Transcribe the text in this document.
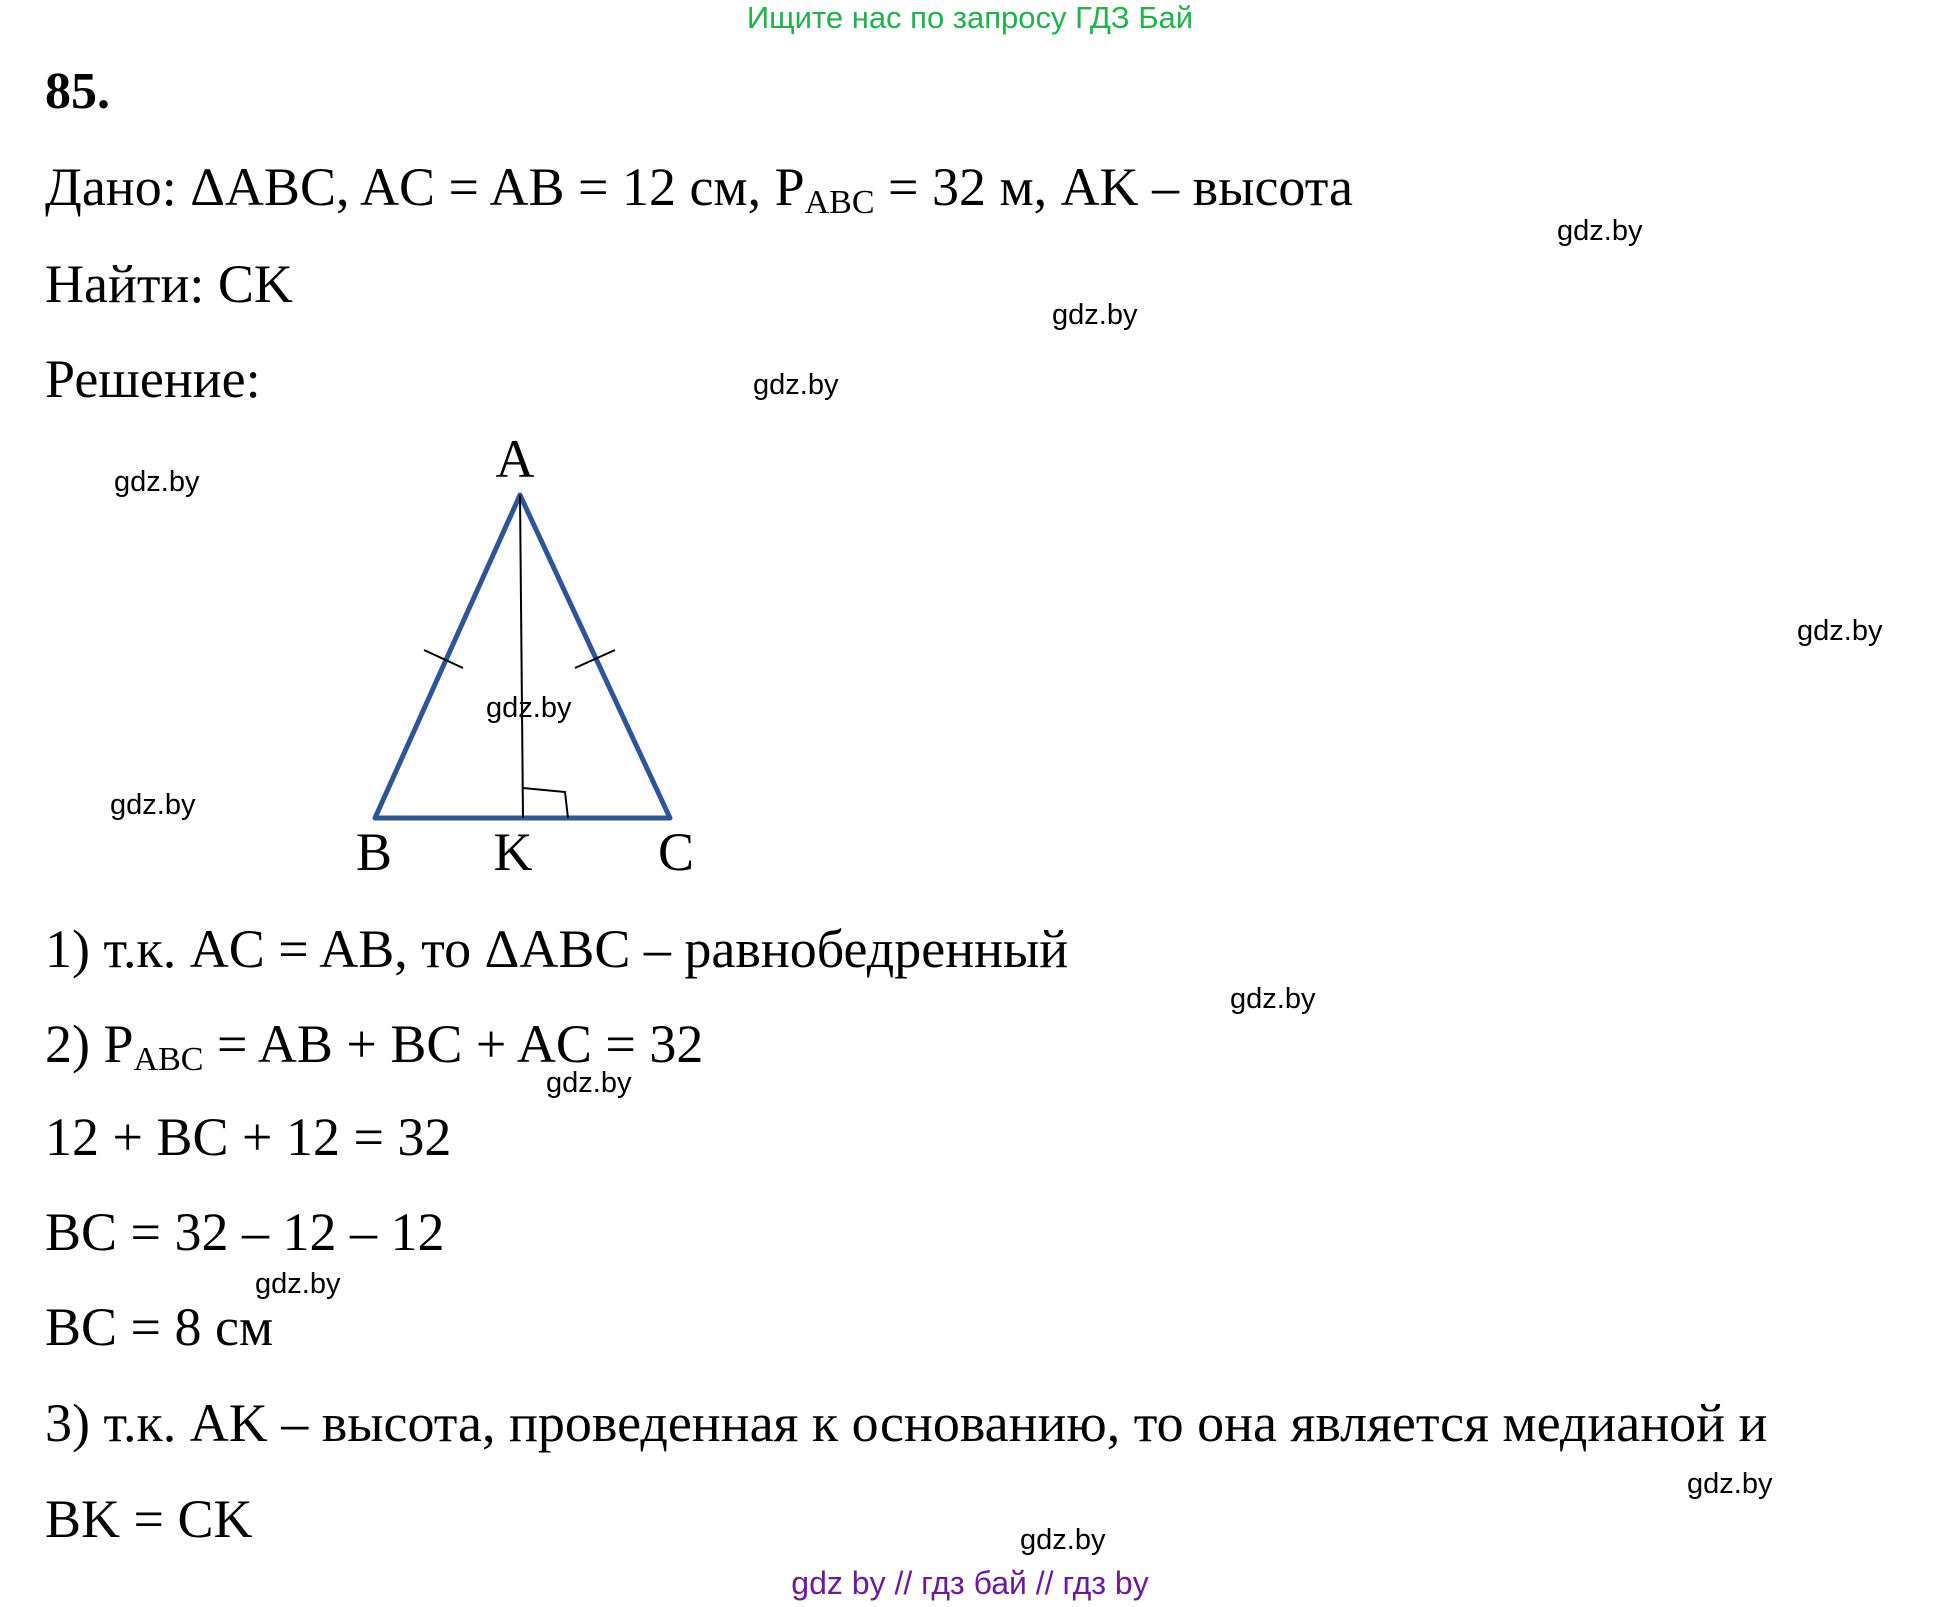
Ищите нас по запросу ГДЗ Бай
85.
Дано: ΔABC, AC = AB = 12 см, $P_{ABC} = 32$ м, AK – высота
Найти: CK
Решение:
A
B K C
1) т.к. AC = AB, то ΔABC – равнобедренный
2) $P_{ABC}$ = AB + BC + AC = 32
12 + BC + 12 = 32
BC = 32 – 12 – 12
BC = 8 см
3) т.к. AK – высота, проведенная к основанию, то она является медианой и
BK = CK
gdz.by
gdz.by
gdz.by
gdz.by
gdz.by
gdz.by
gdz.by
gdz.by
gdz.by
gdz.by
gdz.by
gdz.by
gdz by // гдз бай // гдз by
